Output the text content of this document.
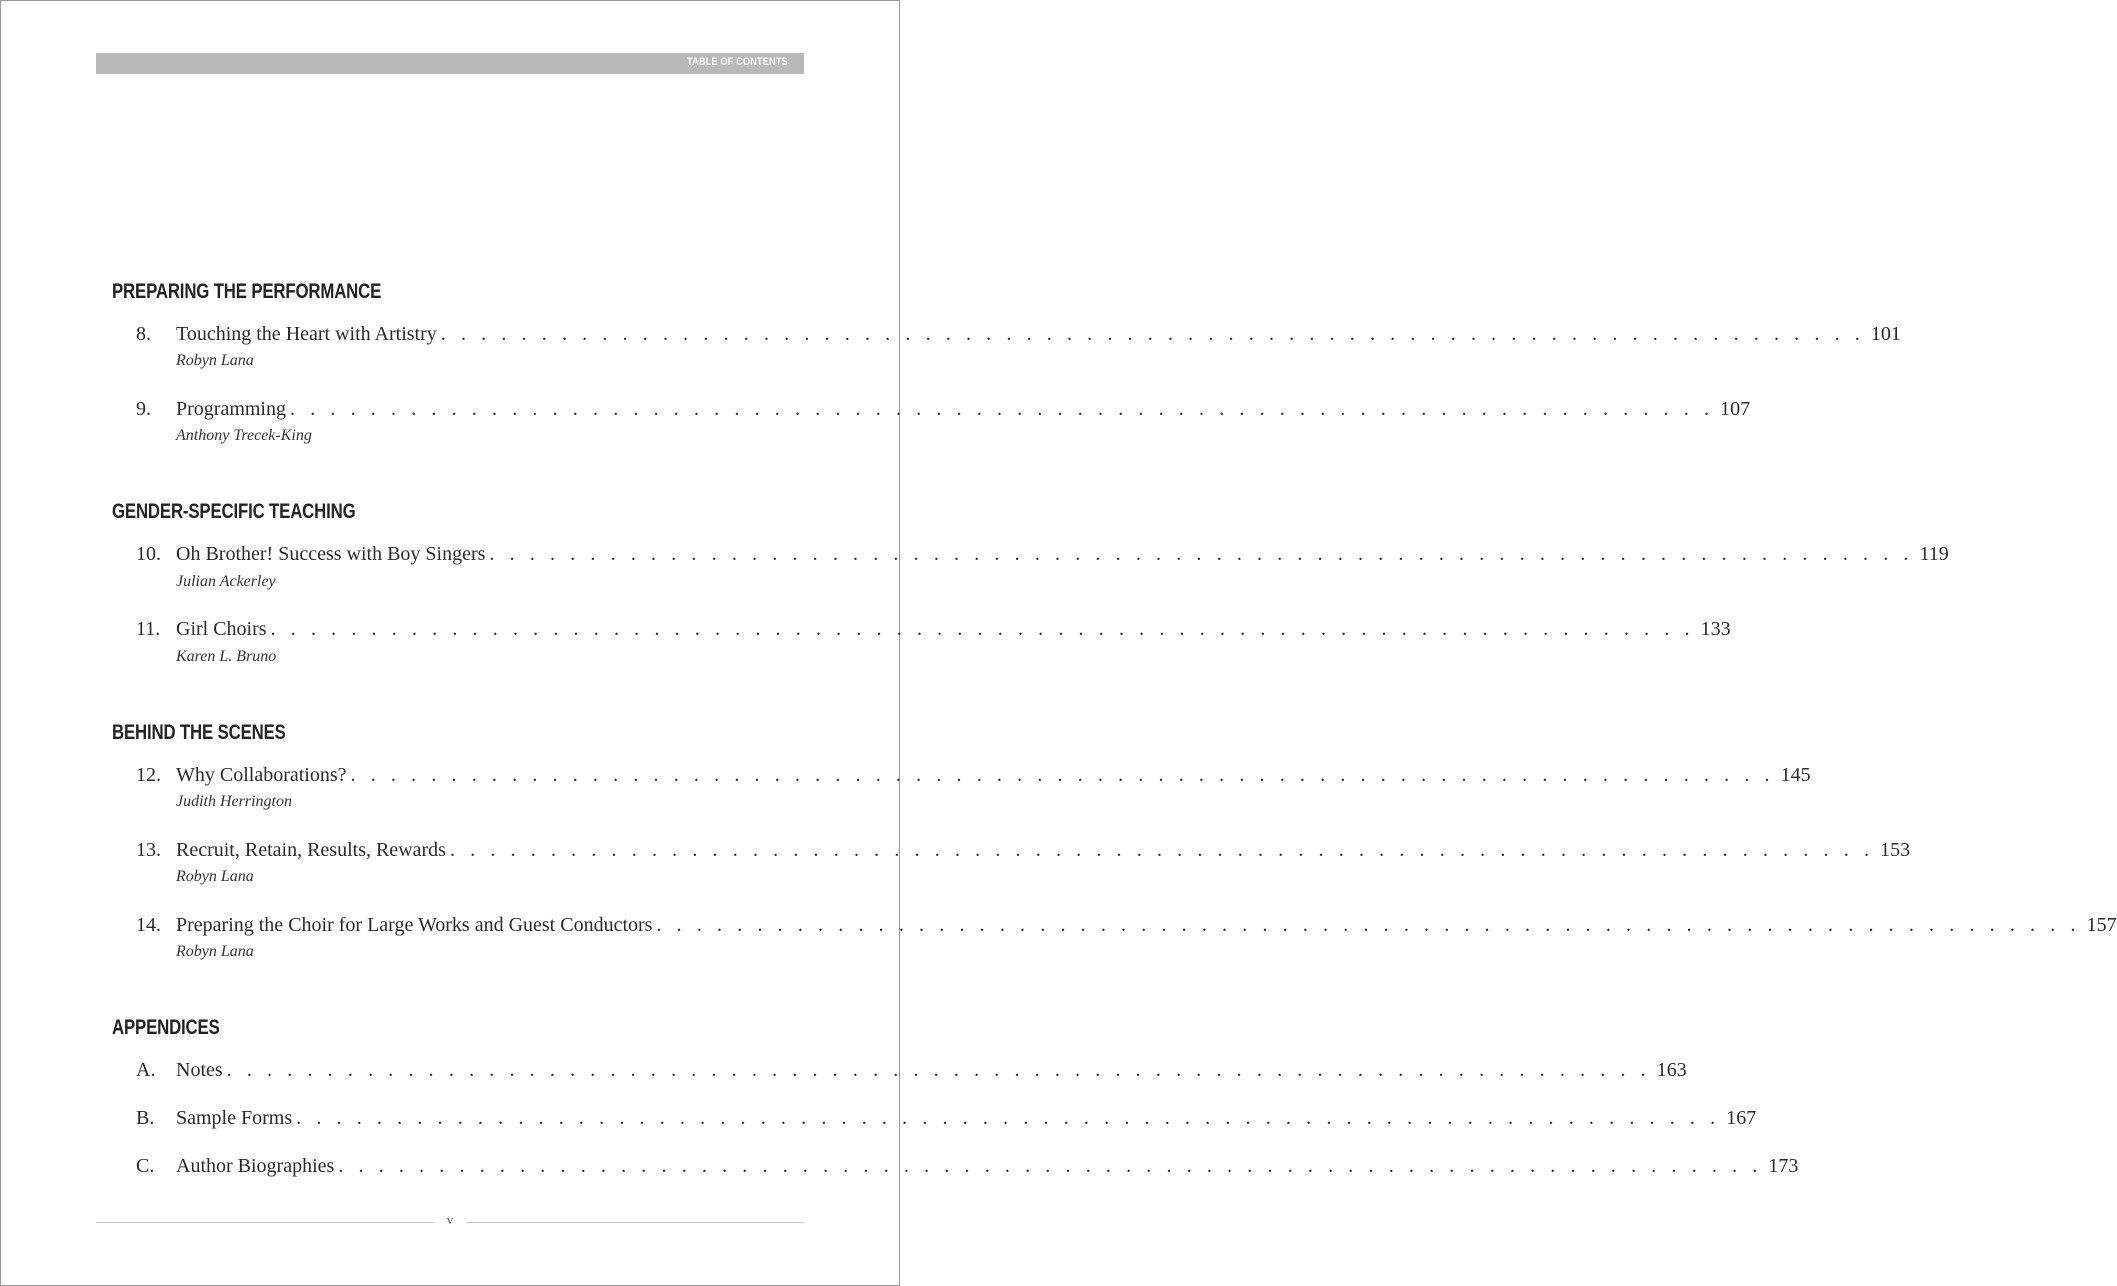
TABLE OF CONTENTS
PREPARING THE PERFORMANCE
8.	Touching the Heart with Artistry . . . . . . . . . . . . . . . . . . . . . . . . . . . . . . . . . . . . . . . . . . . . . . . . . . . . . . . . . . . . . . . . . . . . . . . 101
Robyn Lana
9.	Programming . . . . . . . . . . . . . . . . . . . . . . . . . . . . . . . . . . . . . . . . . . . . . . . . . . . . . . . . . . . . . . . . . . . . . . . 107
Anthony Trecek-King
GENDER-SPECIFIC TEACHING
10. Oh Brother! Success with Boy Singers . . . . . . . . . . . . . . . . . . . . . . . . . . . . . . . . . . . . . . . . . . . . . . . . . . . . . . . . . . . . . . . . . . . . . . . 119
Julian Ackerley
11. Girl Choirs . . . . . . . . . . . . . . . . . . . . . . . . . . . . . . . . . . . . . . . . . . . . . . . . . . . . . . . . . . . . . . . . . . . . . . . 133
Karen L. Bruno
BEHIND THE SCENES
12. Why Collaborations? . . . . . . . . . . . . . . . . . . . . . . . . . . . . . . . . . . . . . . . . . . . . . . . . . . . . . . . . . . . . . . . . . . . . . . . 145
Judith Herrington
13. Recruit, Retain, Results, Rewards . . . . . . . . . . . . . . . . . . . . . . . . . . . . . . . . . . . . . . . . . . . . . . . . . . . . . . . . . . . . . . . . . . . . . . . 153
Robyn Lana
14. Preparing the Choir for Large Works and Guest Conductors . . . . . . . . . . . . . . . . . . . . . . . . . . . . . . . . . . . . . . . . . . . . . . . . . . . . . . . . . . . . . . . . . . . . . . . 157
Robyn Lana
APPENDICES
A.	Notes . . . . . . . . . . . . . . . . . . . . . . . . . . . . . . . . . . . . . . . . . . . . . . . . . . . . . . . . . . . . . . . . . . . . . . . 163
B.	Sample Forms . . . . . . . . . . . . . . . . . . . . . . . . . . . . . . . . . . . . . . . . . . . . . . . . . . . . . . . . . . . . . . . . . . . . . . . 167
C.	Author Biographies . . . . . . . . . . . . . . . . . . . . . . . . . . . . . . . . . . . . . . . . . . . . . . . . . . . . . . . . . . . . . . . . . . . . . . . 173
v
